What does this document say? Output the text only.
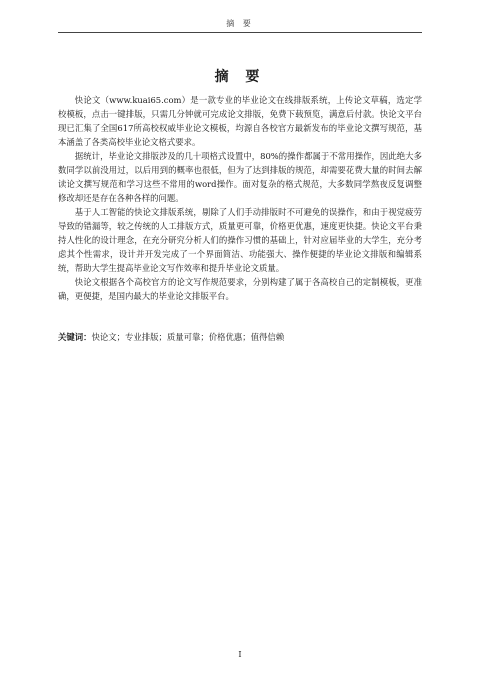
摘 要
摘 要

快论文（www.kuai65.com）是一款专业的毕业论文在线排版系统，上传论文草稿，选定学校模板，点击一键排版，只需几分钟就可完成论文排版，免费下载预览，满意后付款。快论文平台现已汇集了全国617所高校权威毕业论文模板，均源自各校官方最新发布的毕业论文撰写规范，基本涵盖了各类高校毕业论文格式要求。

据统计，毕业论文排版涉及的几十项格式设置中，80%的操作都属于不常用操作，因此绝大多数同学以前没用过，以后用到的概率也很低，但为了达到排版的规范，却需要花费大量的时间去解读论文撰写规范和学习这些不常用的word操作。面对复杂的格式规范，大多数同学熬夜反复调整修改却还是存在各种各样的问题。

基于人工智能的快论文排版系统，剔除了人们手动排版时不可避免的误操作，和由于视觉疲劳导致的错漏等，较之传统的人工排版方式，质量更可靠，价格更优惠，速度更快捷。快论文平台秉持人性化的设计理念，在充分研究分析人们的操作习惯的基础上，针对应届毕业的大学生，充分考虑其个性需求，设计并开发完成了一个界面简洁、功能强大、操作便捷的毕业论文排版和编辑系统，帮助大学生提高毕业论文写作效率和提升毕业论文质量。

快论文根据各个高校官方的论文写作规范要求，分别构建了属于各高校自己的定制模板，更准确，更便捷，是国内最大的毕业论文排版平台。

关键词：快论文；专业排版；质量可靠；价格优惠；值得信赖
I
